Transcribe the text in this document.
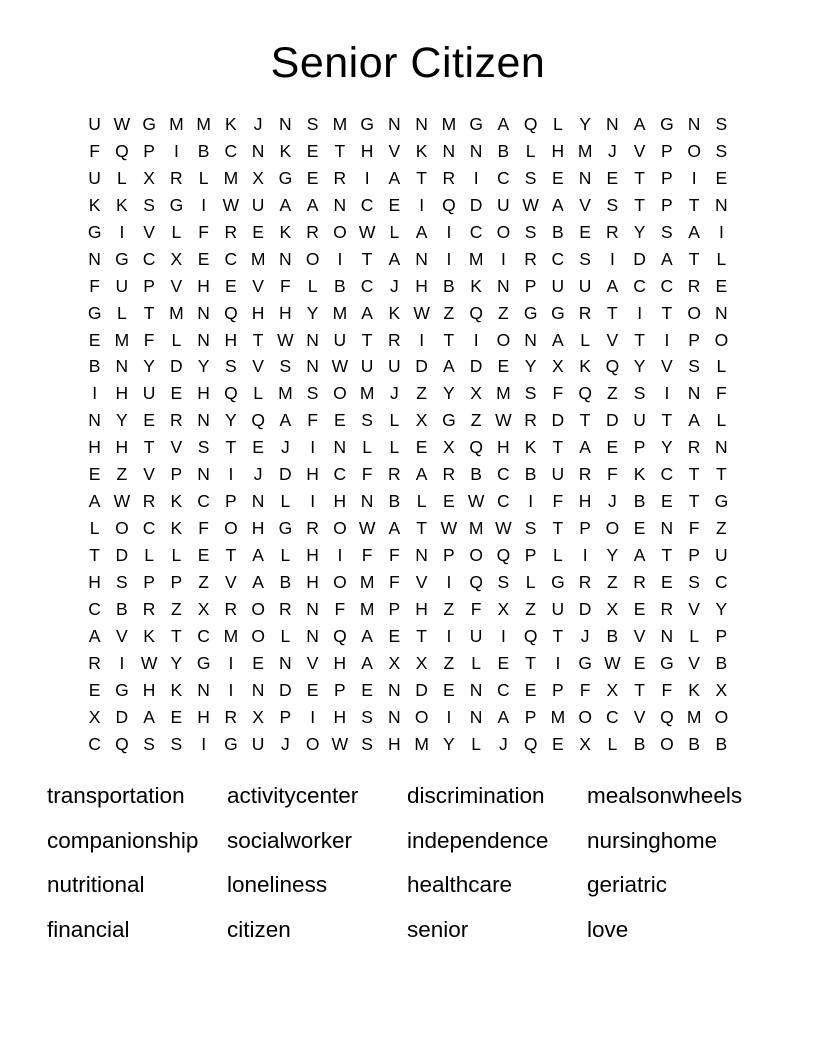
Senior Citizen
U W G M M K J N S M G N N M G A Q L Y N A G N S
F Q P	I	B C N K E T H V K N N B L H M J V P O S
U L X R L M X G E R	I	A T R	I	C S E N E T P	I	E
K K S G	I W U A A N C E	I	Q D U W A V S T P T N
G	I	V L F R E K R O W L A	I	C O S B E R Y S A	I
N G C X E C M N O	I	T A N	I	M	I	R C S	I	D A T L
F U P V H E V F L B C J H B K N P U U A C C R E
G L T M N Q H H Y M A K W Z Q Z G G R T	I	T O N
E M F L N H T W N U T R	I	T	I	O N A L V T	I	P O
B N Y D Y S V S N W U U D A D E Y X K Q Y V S L
I	H U E H Q L M S O M J	Z Y X M S F Q Z S	I	N F
N Y E R N Y Q A F E S L X G Z W R D T D U T A L
H H T V S T E J	I	N L	L E X Q H K T A E P Y R N
E Z V P N	I	J D H C F R A R B C B U R F K C T T
A W R K C P N L	I	H N B L E W C	I	F H J B E T G
L O C K F O H G R O W A T W M W S T P O E N F Z
T D L	L E T A L H	I	F F N P O Q P L	I	Y A T P U
H S P P Z V A B H O M F V	I	Q S L G R Z R E S C
C B R Z X R O R N F M P H Z F X Z U D X E R V Y
A V K T C M O L N Q A E T	I	U	I	Q T	J B V N L P
R	I W Y G	I	E N V H A X X Z L E T	I	G W E G V B
E G H K N	I	N D E P E N D E N C E P F X T F K X
X D A E H R X P	I	H S N O	I	N A P M O C V Q M O
C Q S S	I	G U J O W S H M Y L	J Q E X L B O B B
transportation	activitycenter	discrimination	mealsonwheels
companionship	socialworker	independence	nursinghome
nutritional	loneliness	healthcare	geriatric
financial	citizen	senior	love
